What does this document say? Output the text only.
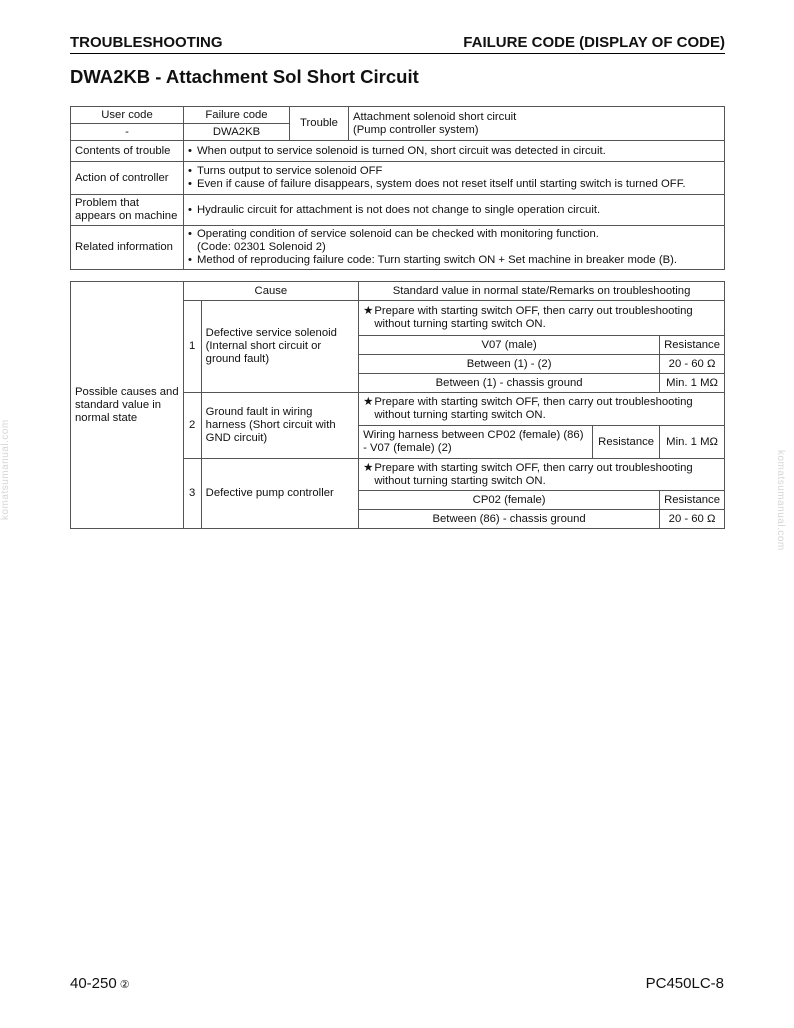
TROUBLESHOOTING	FAILURE CODE (DISPLAY OF CODE)
DWA2KB - Attachment Sol Short Circuit
User code	Failure code	Trouble	Attachment solenoid short circuit
(Pump controller system)

-	DWA2KB		
Contents of trouble	• When output to service solenoid is turned ON, short circuit was detected in circuit.		

Action of controller	• Turns output to service solenoid OFF
• Even if cause of failure disappears, system does not reset itself until starting switch is turned OFF.		

Problem that appears on machine	• Hydraulic circuit for attachment is not does not change to single operation circuit.		

Related information	• Operating condition of service solenoid can be checked with monitoring function.
(Code: 02301 Solenoid 2)
• Method of reproducing failure code: Turn starting switch ON + Set machine in breaker mode (B).		
Possible causes and standard value in normal state	Cause		Standard value in normal state/Remarks on troubleshooting		
	1	Defective service solenoid (Internal short circuit or ground fault)	★ Prepare with starting switch OFF, then carry out troubleshooting without turning starting switch ON.		

			V07 (male)		Resistance
			Between (1) - (2)		20 - 60 Ω
			Between (1) - chassis ground		Min. 1 MΩ
	2	Ground fault in wiring harness (Short circuit with GND circuit)	★ Prepare with starting switch OFF, then carry out troubleshooting without turning starting switch ON.		

			Wiring harness between CP02 (female) (86) - V07 (female) (2)	Resistance	Min. 1 MΩ
	3	Defective pump controller	★ Prepare with starting switch OFF, then carry out troubleshooting without turning starting switch ON.		

			CP02 (female)		Resistance
			Between (86) - chassis ground		20 - 60 Ω
komatsumanual.com	komatsumanual.com
40-250 ②	PC450LC-8
